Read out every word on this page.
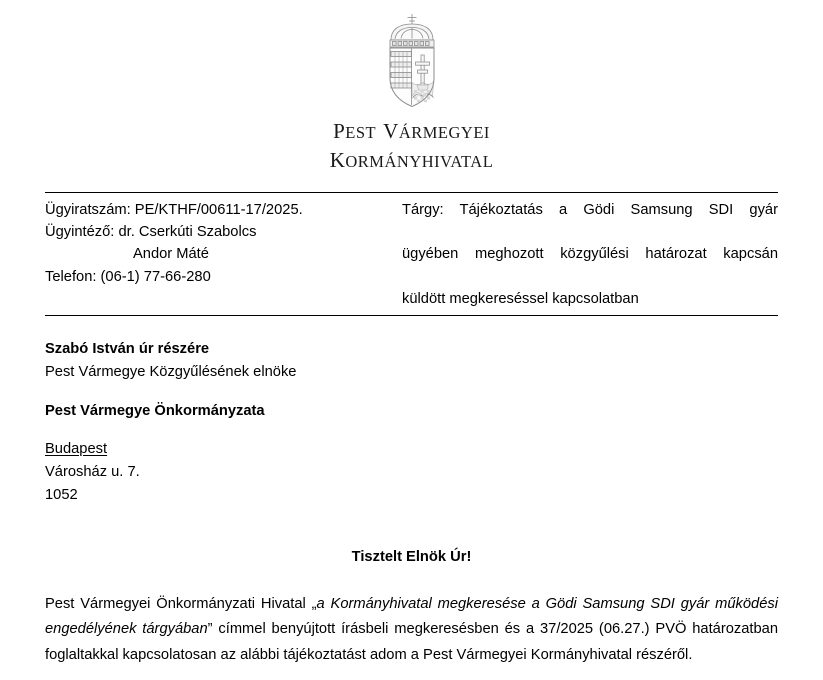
PEST VÁRMEGYEI
KORMÁNYHIVATAL
Ügyiratszám: PE/KTHF/00611-17/2025.
Ügyintéző: dr. Cserkúti Szabolcs
Andor Máté
Telefon: (06-1) 77-66-280
Tárgy: Tájékoztatás a Gödi Samsung SDI gyár
ügyében meghozott közgyűlési határozat kapcsán
küldött megkereséssel kapcsolatban
Szabó István úr részére
Pest Vármegye Közgyűlésének elnöke
Pest Vármegye Önkormányzata
Budapest
Városház u. 7.
1052
Tisztelt Elnök Úr!
Pest Vármegyei Önkormányzati Hivatal „a Kormányhivatal megkeresése a Gödi Samsung SDI gyár működési engedélyének tárgyában” címmel benyújtott írásbeli megkeresésben és a 37/2025 (06.27.) PVÖ határozatban foglaltakkal kapcsolatosan az alábbi tájékoztatást adom a Pest Vármegyei Kormányhivatal részéről.
